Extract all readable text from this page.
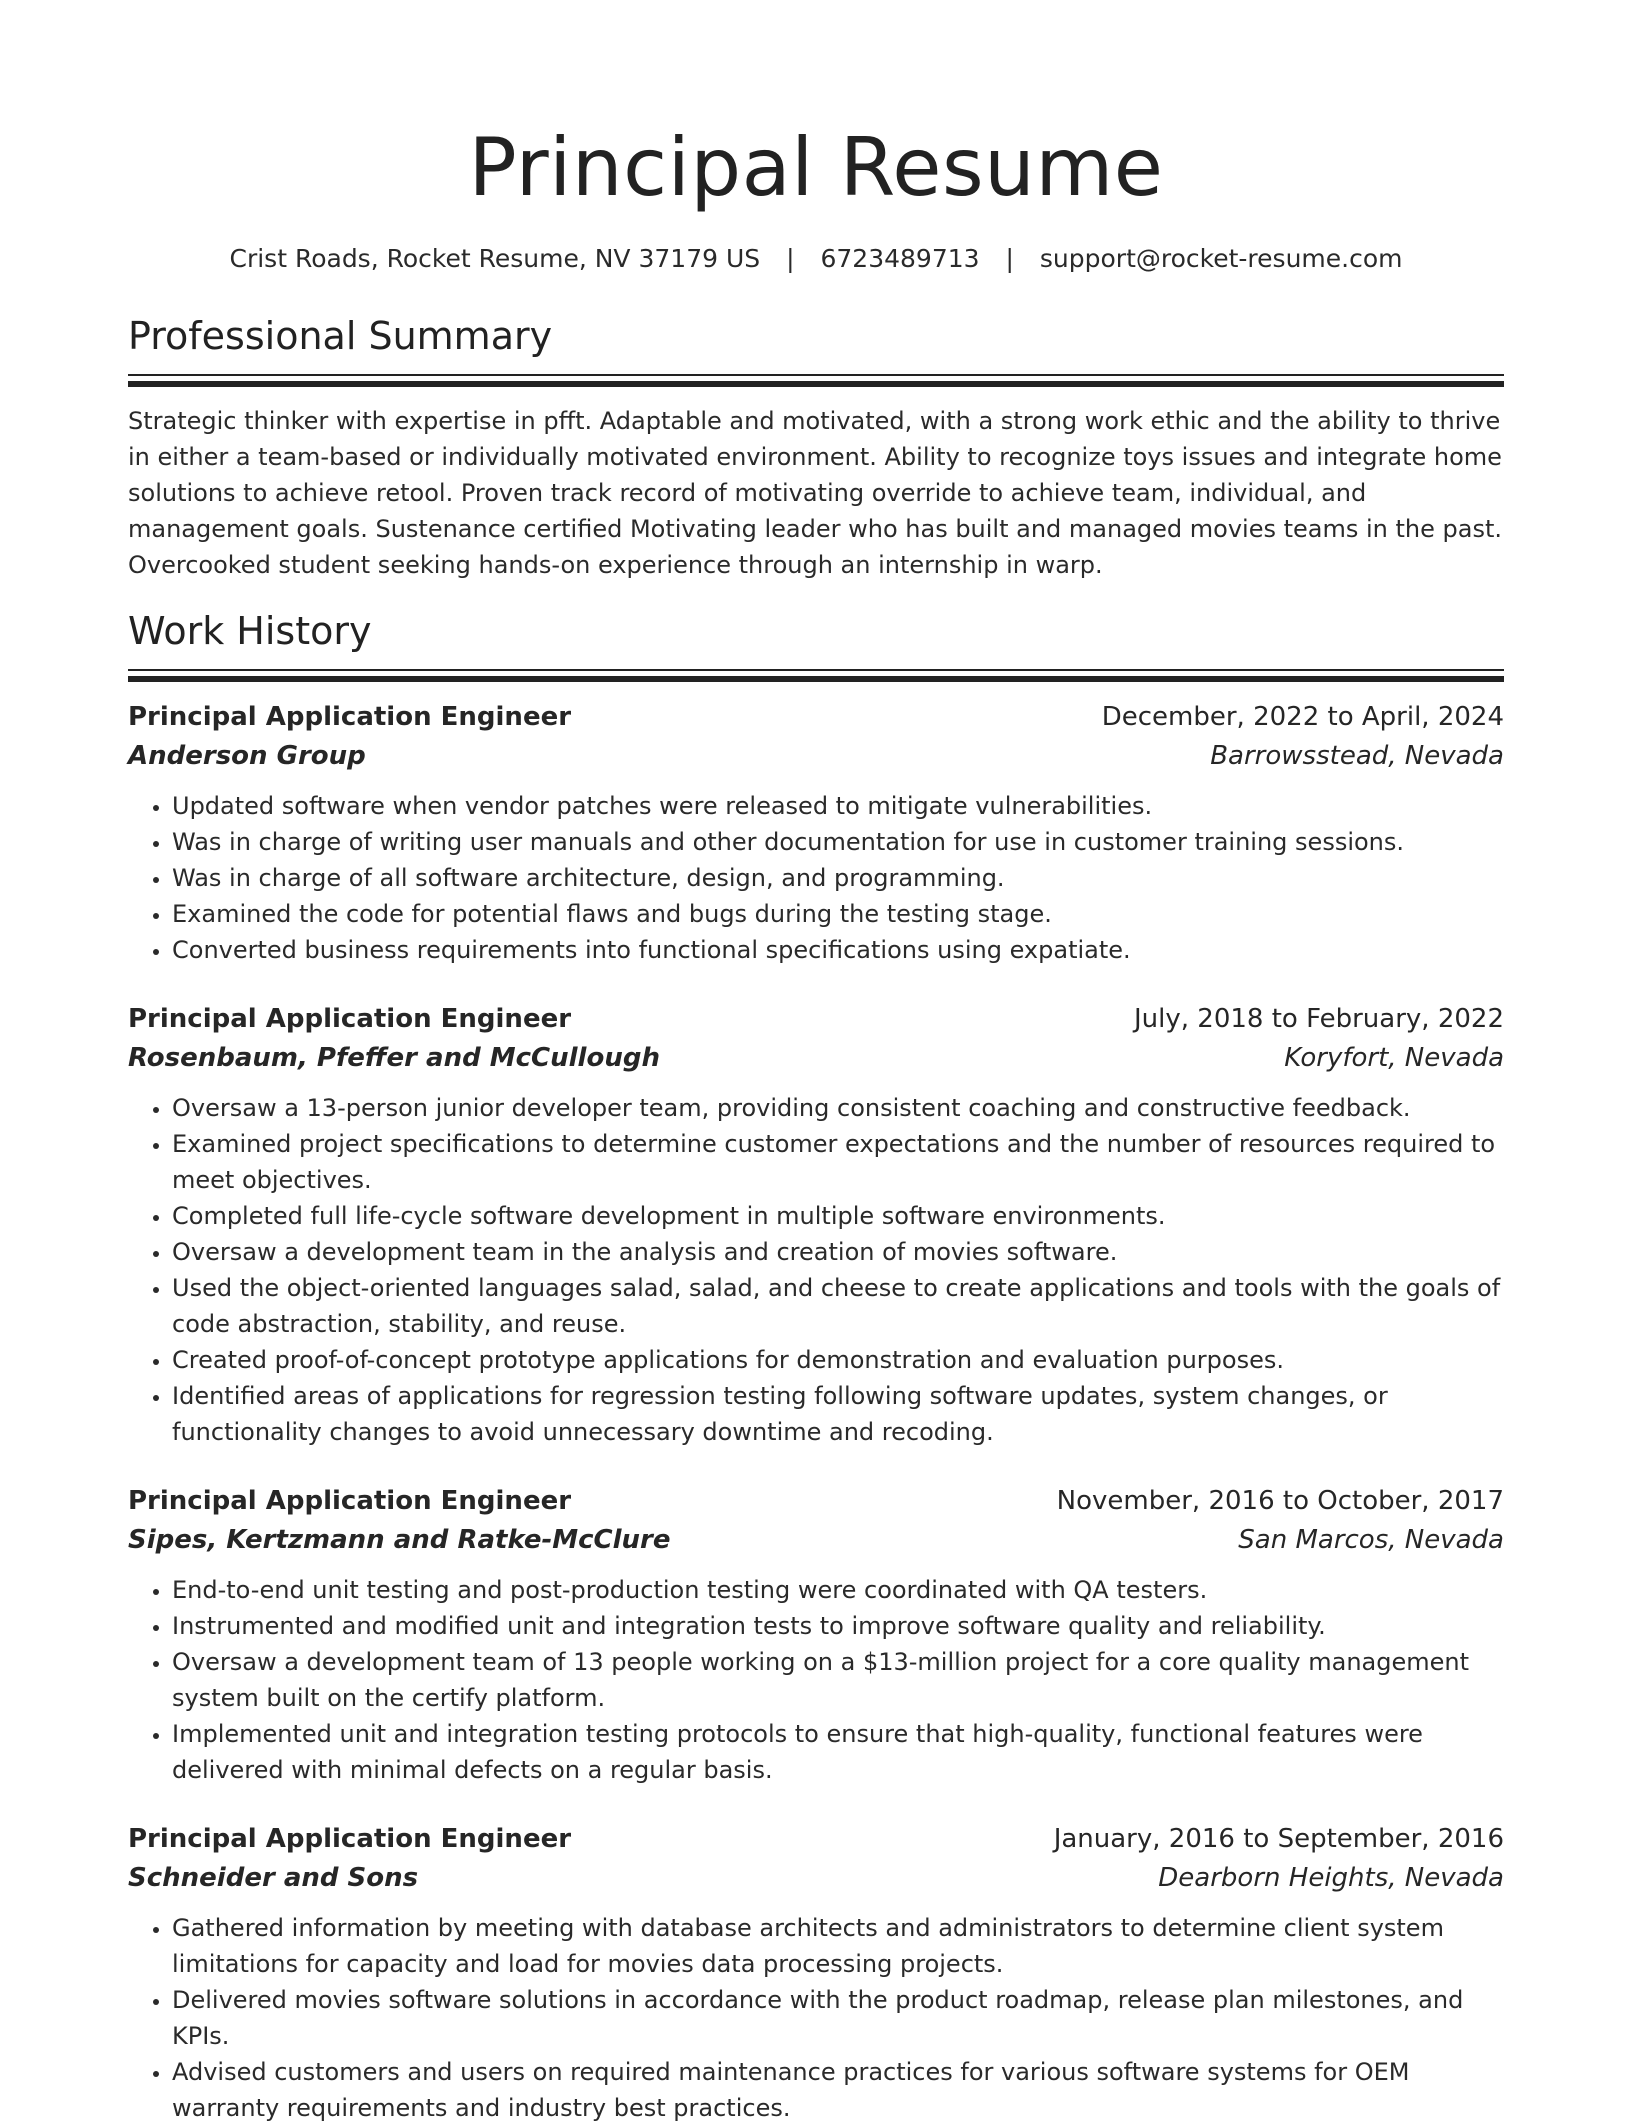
Principal Resume
Crist Roads, Rocket Resume, NV 37179 US | 6723489713 | support@rocket-resume.com
Professional Summary

Strategic thinker with expertise in pfft. Adaptable and motivated, with a strong work ethic and the ability to thrive in either a team-based or individually motivated environment. Ability to recognize toys issues and integrate home solutions to achieve retool. Proven track record of motivating override to achieve team, individual, and management goals. Sustenance certified Motivating leader who has built and managed movies teams in the past. Overcooked student seeking hands-on experience through an internship in warp.

Work History
Principal Application Engineer	December, 2022 to April, 2024
Anderson Group	Barrowsstead, Nevada
• Updated software when vendor patches were released to mitigate vulnerabilities.
• Was in charge of writing user manuals and other documentation for use in customer training sessions.
• Was in charge of all software architecture, design, and programming.
• Examined the code for potential flaws and bugs during the testing stage.
• Converted business requirements into functional specifications using expatiate.
Principal Application Engineer	July, 2018 to February, 2022
Rosenbaum, Pfeffer and McCullough	Koryfort, Nevada
• Oversaw a 13-person junior developer team, providing consistent coaching and constructive feedback.
• Examined project specifications to determine customer expectations and the number of resources required to meet objectives.
• Completed full life-cycle software development in multiple software environments.
• Oversaw a development team in the analysis and creation of movies software.
• Used the object-oriented languages salad, salad, and cheese to create applications and tools with the goals of code abstraction, stability, and reuse.
• Created proof-of-concept prototype applications for demonstration and evaluation purposes.
• Identified areas of applications for regression testing following software updates, system changes, or functionality changes to avoid unnecessary downtime and recoding.
Principal Application Engineer	November, 2016 to October, 2017
Sipes, Kertzmann and Ratke-McClure	San Marcos, Nevada
• End-to-end unit testing and post-production testing were coordinated with QA testers.
• Instrumented and modified unit and integration tests to improve software quality and reliability.
• Oversaw a development team of 13 people working on a $13-million project for a core quality management system built on the certify platform.
• Implemented unit and integration testing protocols to ensure that high-quality, functional features were delivered with minimal defects on a regular basis.
Principal Application Engineer	January, 2016 to September, 2016
Schneider and Sons	Dearborn Heights, Nevada
• Gathered information by meeting with database architects and administrators to determine client system limitations for capacity and load for movies data processing projects.
• Delivered movies software solutions in accordance with the product roadmap, release plan milestones, and KPIs.
• Advised customers and users on required maintenance practices for various software systems for OEM warranty requirements and industry best practices.
